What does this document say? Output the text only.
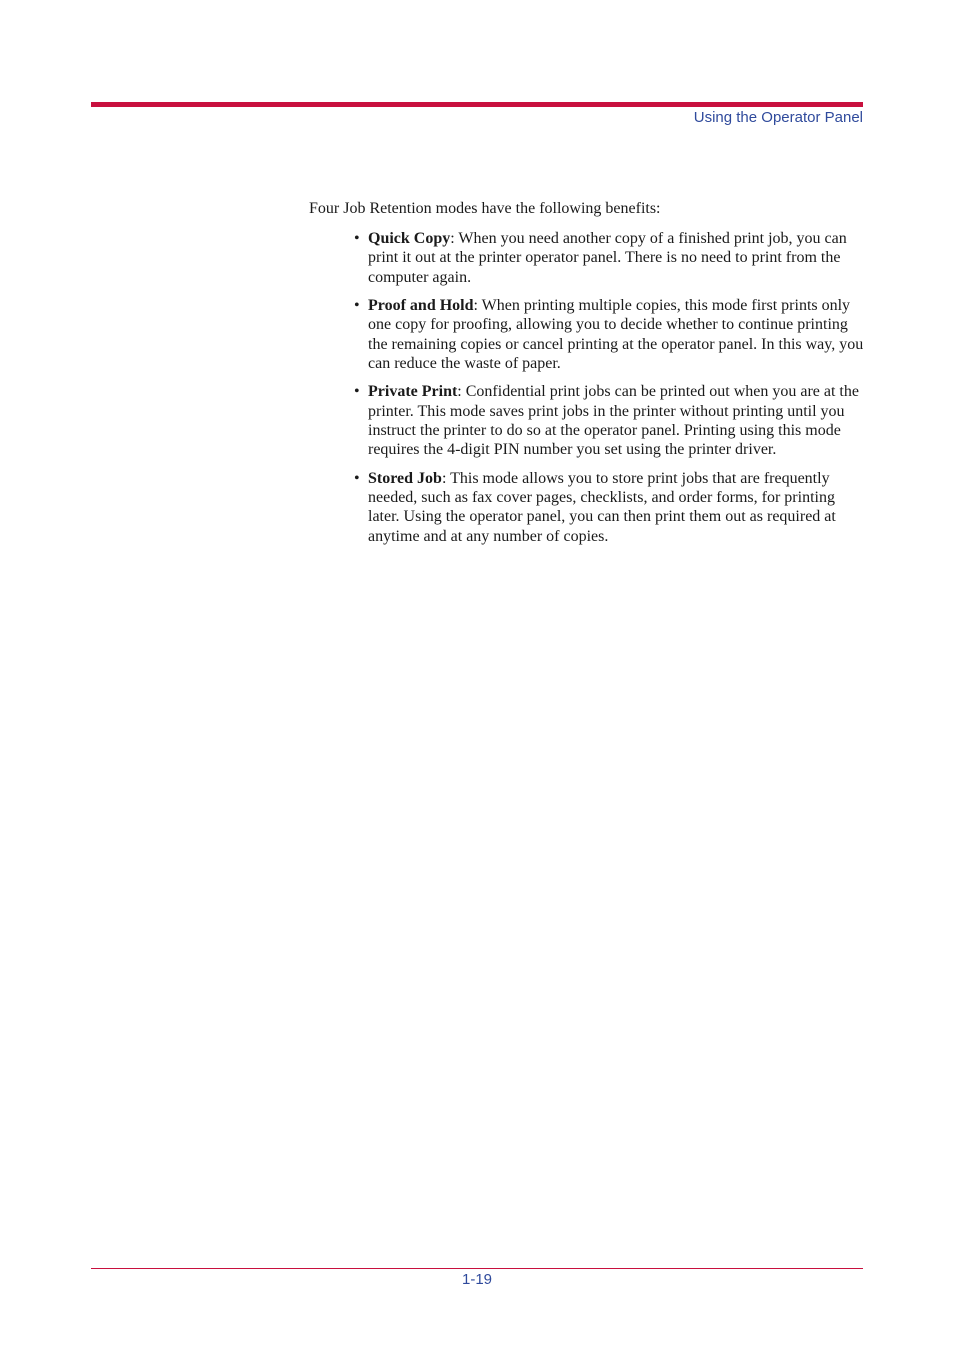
Using the Operator Panel
Four Job Retention modes have the following benefits:
• Quick Copy: When you need another copy of a finished print job, you can print it out at the printer operator panel. There is no need to print from the computer again.
• Proof and Hold: When printing multiple copies, this mode first prints only one copy for proofing, allowing you to decide whether to continue printing the remaining copies or cancel printing at the operator panel. In this way, you can reduce the waste of paper.
• Private Print: Confidential print jobs can be printed out when you are at the printer. This mode saves print jobs in the printer without printing until you instruct the printer to do so at the operator panel. Printing using this mode requires the 4-digit PIN number you set using the printer driver.
• Stored Job: This mode allows you to store print jobs that are frequently needed, such as fax cover pages, checklists, and order forms, for printing later. Using the operator panel, you can then print them out as required at anytime and at any number of copies.
1-19
